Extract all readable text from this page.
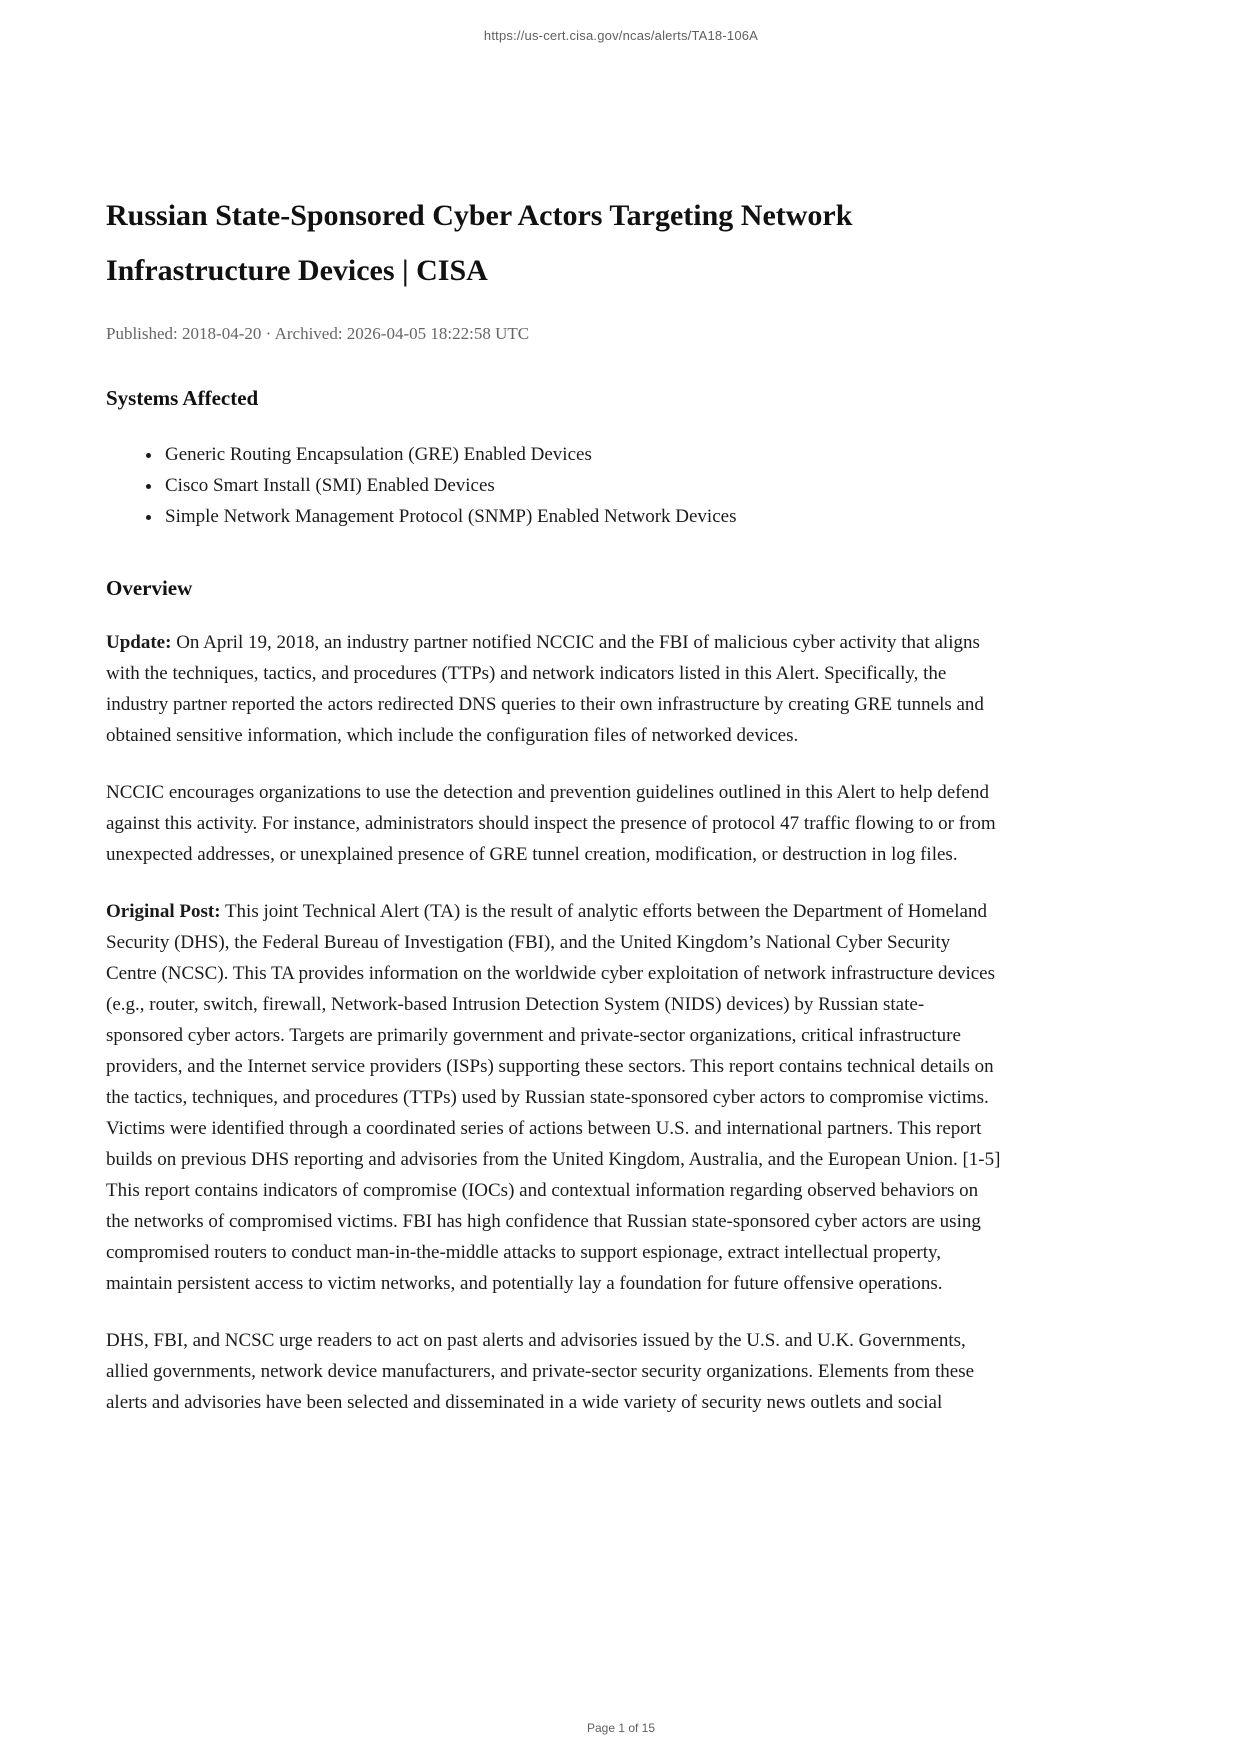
https://us-cert.cisa.gov/ncas/alerts/TA18-106A
Russian State-Sponsored Cyber Actors Targeting Network Infrastructure Devices | CISA
Published: 2018-04-20 · Archived: 2026-04-05 18:22:58 UTC
Systems Affected
• Generic Routing Encapsulation (GRE) Enabled Devices
• Cisco Smart Install (SMI) Enabled Devices
• Simple Network Management Protocol (SNMP) Enabled Network Devices
Overview

Update: On April 19, 2018, an industry partner notified NCCIC and the FBI of malicious cyber activity that aligns with the techniques, tactics, and procedures (TTPs) and network indicators listed in this Alert. Specifically, the industry partner reported the actors redirected DNS queries to their own infrastructure by creating GRE tunnels and obtained sensitive information, which include the configuration files of networked devices.

NCCIC encourages organizations to use the detection and prevention guidelines outlined in this Alert to help defend against this activity. For instance, administrators should inspect the presence of protocol 47 traffic flowing to or from unexpected addresses, or unexplained presence of GRE tunnel creation, modification, or destruction in log files.

Original Post: This joint Technical Alert (TA) is the result of analytic efforts between the Department of Homeland Security (DHS), the Federal Bureau of Investigation (FBI), and the United Kingdom’s National Cyber Security Centre (NCSC). This TA provides information on the worldwide cyber exploitation of network infrastructure devices (e.g., router, switch, firewall, Network-based Intrusion Detection System (NIDS) devices) by Russian state-sponsored cyber actors. Targets are primarily government and private-sector organizations, critical infrastructure providers, and the Internet service providers (ISPs) supporting these sectors. This report contains technical details on the tactics, techniques, and procedures (TTPs) used by Russian state-sponsored cyber actors to compromise victims. Victims were identified through a coordinated series of actions between U.S. and international partners. This report builds on previous DHS reporting and advisories from the United Kingdom, Australia, and the European Union. [1-5] This report contains indicators of compromise (IOCs) and contextual information regarding observed behaviors on the networks of compromised victims. FBI has high confidence that Russian state-sponsored cyber actors are using compromised routers to conduct man-in-the-middle attacks to support espionage, extract intellectual property, maintain persistent access to victim networks, and potentially lay a foundation for future offensive operations.

DHS, FBI, and NCSC urge readers to act on past alerts and advisories issued by the U.S. and U.K. Governments, allied governments, network device manufacturers, and private-sector security organizations. Elements from these alerts and advisories have been selected and disseminated in a wide variety of security news outlets and social

Page 1 of 15
